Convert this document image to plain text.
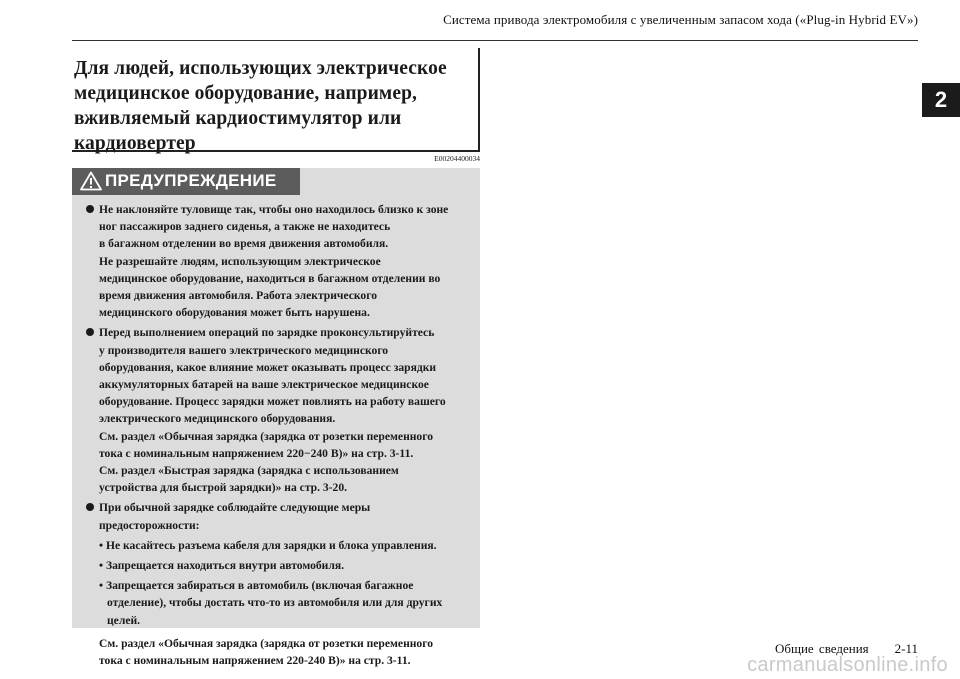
Система привода электромобиля с увеличенным запасом хода («Plug-in Hybrid EV»)
2
Для людей, использующих электрическое
медицинское оборудование, например,
вживляемый кардиостимулятор или
кардиовертер
E00204400034
ПРЕДУПРЕЖДЕНИЕ
Не наклоняйте туловище так, чтобы оно находилось близко к зоне
ног пассажиров заднего сиденья, а также не находитесь
в багажном отделении во время движения автомобиля.
Не разрешайте людям, использующим электрическое
медицинское оборудование, находиться в багажном отделении во
время движения автомобиля. Работа электрического
медицинского оборудования может быть нарушена.
Перед выполнением операций по зарядке проконсультируйтесь
у производителя вашего электрического медицинского
оборудования, какое влияние может оказывать процесс зарядки
аккумуляторных батарей на ваше электрическое медицинское
оборудование. Процесс зарядки может повлиять на работу вашего
электрического медицинского оборудования.
См. раздел «Обычная зарядка (зарядка от розетки переменного
тока с номинальным напряжением 220−240 В)» на стр. 3-11.
См. раздел «Быстрая зарядка (зарядка с использованием
устройства для быстрой зарядки)» на стр. 3-20.
При обычной зарядке соблюдайте следующие меры
предосторожности:
• Не касайтесь разъема кабеля для зарядки и блока управления.
• Запрещается находиться внутри автомобиля.
• Запрещается забираться в автомобиль (включая багажное
отделение), чтобы достать что-то из автомобиля или для других
целей.
См. раздел «Обычная зарядка (зарядка от розетки переменного
тока с номинальным напряжением 220-240 В)» на стр. 3-11.
Общие сведения 2-11
carmanualsonline.info
